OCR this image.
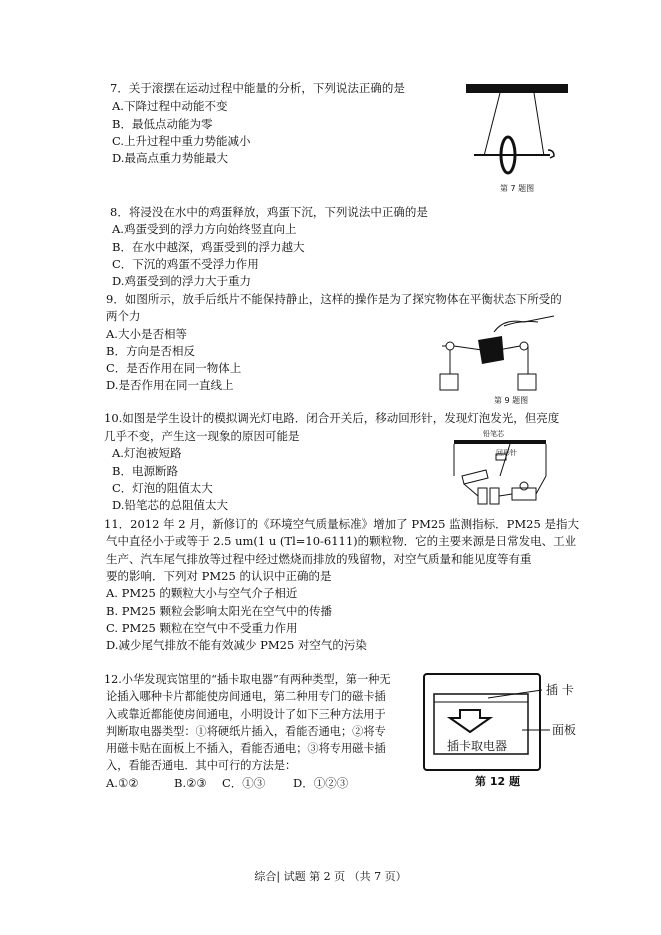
7．关于滚摆在运动过程中能量的分析，下列说法正确的是
A.下降过程中动能不变
B．最低点动能为零
C.上升过程中重力势能减小
D.最高点重力势能最大
第 7 题图
8．将浸没在水中的鸡蛋释放，鸡蛋下沉，下列说法中正确的是
A.鸡蛋受到的浮力方向始终竖直向上
B．在水中越深，鸡蛋受到的浮力越大
C．下沉的鸡蛋不受浮力作用
D.鸡蛋受到的浮力大于重力
9．如图所示，放手后纸片不能保持静止，这样的操作是为了探究物体在平衡状态下所受的
两个力
A.大小是否相等
B．方向是否相反
C．是否作用在同一物体上
D.是否作用在同一直线上
第 9 题图
10.如图是学生设计的模拟调光灯电路．闭合开关后，移动回形针，发现灯泡发光，但亮度
几乎不变，产生这一现象的原因可能是
A.灯泡被短路
B．电源断路
C．灯泡的阻值太大
D.铅笔芯的总阻值太大
铅笔芯
回形针
11．2012 年 2 月，新修订的《环境空气质量标准》增加了 PM25 监测指标．PM25 是指大
气中直径小于或等于 2.5 um(1 u (Tl=10-6111)的颗粒物．它的主要来源是日常发电、工业
生产、汽车尾气排放等过程中经过燃烧而排放的残留物，对空气质量和能见度等有重
要的影响．下列对 PM25 的认识中正确的是
A. PM25 的颗粒大小与空气介子相近
B. PM25 颗粒会影响太阳光在空气中的传播
C. PM25 颗粒在空气中不受重力作用
D.减少尾气排放不能有效减少 PM25 对空气的污染
12.小华发现宾馆里的“插卡取电器”有两种类型，第一种无
论插入哪种卡片都能使房间通电，第二种用专门的磁卡插
入或靠近都能使房间通电，小明设计了如下三种方法用于
判断取电器类型：①将硬纸片插入，看能否通电；②将专
用磁卡贴在面板上不插入，看能否通电；③将专用磁卡插
入，看能否通电．其中可行的方法是：
A.①②	B.②③ C．①③ D．①②③
插 卡
面板
插卡取电器
第 12 题
综合| 试题 第 2 页 （共 7 页）
